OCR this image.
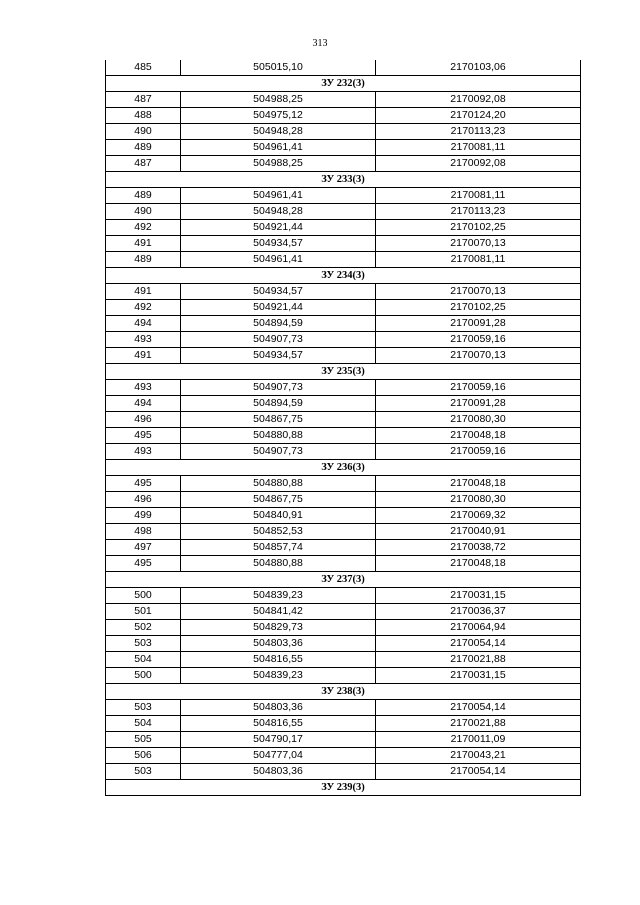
313
485	505015,10	2170103,06
ЗУ 232(3)		
487	504988,25	2170092,08
488	504975,12	2170124,20
490	504948,28	2170113,23
489	504961,41	2170081,11
487	504988,25	2170092,08
ЗУ 233(3)		
489	504961,41	2170081,11
490	504948,28	2170113,23
492	504921,44	2170102,25
491	504934,57	2170070,13
489	504961,41	2170081,11
ЗУ 234(3)		
491	504934,57	2170070,13
492	504921,44	2170102,25
494	504894,59	2170091,28
493	504907,73	2170059,16
491	504934,57	2170070,13
ЗУ 235(3)		
493	504907,73	2170059,16
494	504894,59	2170091,28
496	504867,75	2170080,30
495	504880,88	2170048,18
493	504907,73	2170059,16
ЗУ 236(3)		
495	504880,88	2170048,18
496	504867,75	2170080,30
499	504840,91	2170069,32
498	504852,53	2170040,91
497	504857,74	2170038,72
495	504880,88	2170048,18
ЗУ 237(3)		
500	504839,23	2170031,15
501	504841,42	2170036,37
502	504829,73	2170064,94
503	504803,36	2170054,14
504	504816,55	2170021,88
500	504839,23	2170031,15
ЗУ 238(3)		
503	504803,36	2170054,14
504	504816,55	2170021,88
505	504790,17	2170011,09
506	504777,04	2170043,21
503	504803,36	2170054,14
ЗУ 239(3)		
